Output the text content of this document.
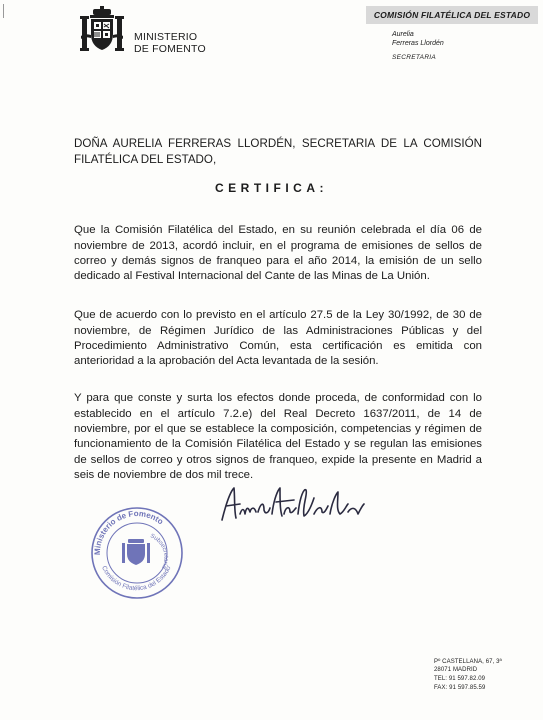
MINISTERIO
DE FOMENTO
COMISIÓN FILATÉLICA DEL ESTADO
Aurelia
Ferreras Llordén
SECRETARIA
DOÑA AURELIA FERRERAS LLORDÉN, SECRETARIA DE LA COMISIÓN FILATÉLICA DEL ESTADO,
CERTIFICA:

Que la Comisión Filatélica del Estado, en su reunión celebrada el día 06 de noviembre de 2013, acordó incluir, en el programa de emisiones de sellos de correo y demás signos de franqueo para el año 2014, la emisión de un sello dedicado al Festival Internacional del Cante de las Minas de La Unión.

Que de acuerdo con lo previsto en el artículo 27.5 de la Ley 30/1992, de 30 de noviembre, de Régimen Jurídico de las Administraciones Públicas y del Procedimiento Administrativo Común, esta certificación es emitida con anterioridad a la aprobación del Acta levantada de la sesión.

Y para que conste y surta los efectos donde proceda, de conformidad con lo establecido en el artículo 7.2.e) del Real Decreto 1637/2011, de 14 de noviembre, por el que se establece la composición, competencias y régimen de funcionamiento de la Comisión Filatélica del Estado y se regulan las emisiones de sellos de correo y otros signos de franqueo, expide la presente en Madrid a seis de noviembre de dos mil trece.

Ministerio de Fomento
Comisión Filatélica del Estado
Subsecretaría
Pº CASTELLANA, 67, 3ª
28071 MADRID
TEL: 91 597.82.09
FAX: 91 597.85.59
